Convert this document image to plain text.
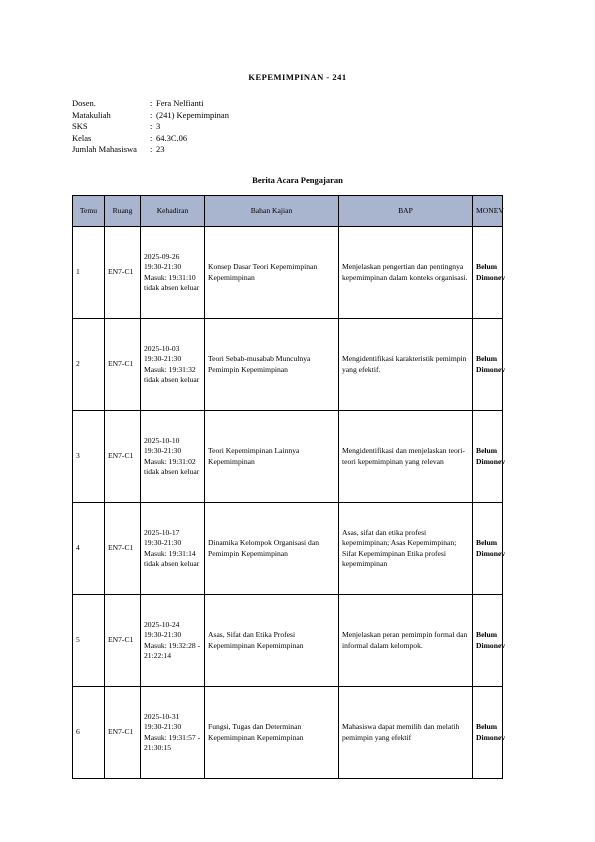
KEPEMIMPINAN - 241
Dosen.	: Fera Nelfianti
Matakuliah	: (241) Kepemimpinan
SKS	: 3
Kelas	: 64.3C.06
Jumlah Mahasiswa	: 23
Berita Acara Pengajaran
Temu	Ruang	Kehadiran	Bahan Kajian	BAP	MONEV
1	EN7-C1	2025-09-26 19:30-21:30 Masuk: 19:31:10 tidak absen keluar	Konsep Dasar Teori Kepemimpinan Kepemimpinan	Menjelaskan pengertian dan pentingnya kepemimpinan dalam konteks organisasi.	Belum Dimonev
2	EN7-C1	2025-10-03 19:30-21:30 Masuk: 19:31:32 tidak absen keluar	Teori Sebab-musabab Munculnya Pemimpin Kepemimpinan	Mengidentifikasi karakteristik pemimpin yang efektif.	Belum Dimonev
3	EN7-C1	2025-10-10 19:30-21:30 Masuk: 19:31:02 tidak absen keluar	Teori Kepemimpinan Lainnya Kepemimpinan	Mengidentifikasi dan menjelaskan teori-teori kepemimpinan yang relevan	Belum Dimonev
4	EN7-C1	2025-10-17 19:30-21:30 Masuk: 19:31:14 tidak absen keluar	Dinamika Kelompok Organisasi dan Pemimpin Kepemimpinan	Asas, sifat dan etika profesi kepemimpinan; Asas Kepemimpinan; Sifat Kepemimpinan Etika profesi kepemimpinan	Belum Dimonev
5	EN7-C1	2025-10-24 19:30-21:30 Masuk: 19:32:28 - 21:22:14	Asas, Sifat dan Etika Profesi Kepemimpinan Kepemimpinan	Menjelaskan peran pemimpin formal dan informal dalam kelompok.	Belum Dimonev
6	EN7-C1	2025-10-31 19:30-21:30 Masuk: 19:31:57 - 21:30:15	Fungsi, Tugas dan Determinan Kepemimpinan Kepemimpinan	Mahasiswa dapat memilih dan melatih pemimpin yang efektif	Belum Dimonev
